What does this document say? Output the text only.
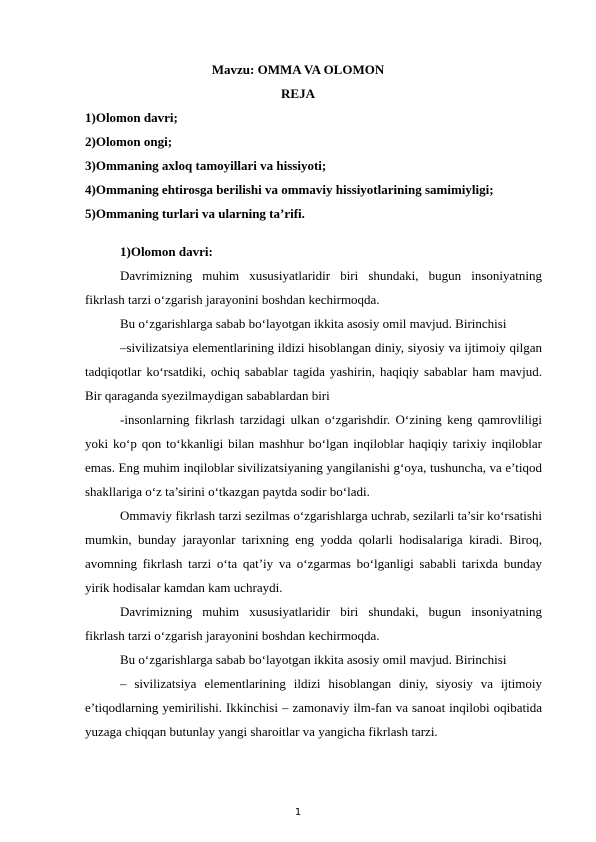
Mavzu: OMMA VA OLOMON
REJA
1)Olomon davri;
2)Olomon ongi;
3)Ommaning axloq tamoyillari va hissiyoti;
4)Ommaning ehtirosga berilishi va ommaviy hissiyotlarining samimiyligi;
5)Ommaning turlari va ularning ta’rifi.

1)Olomon davri:

Davrimizning muhim xususiyatlaridir biri shundaki, bugun insoniyatning fikrlash tarzi o‘zgarish jarayonini boshdan kechirmoqda.

Bu o‘zgarishlarga sabab bo‘layotgan ikkita asosiy omil mavjud. Birinchisi

–sivilizatsiya elementlarining ildizi hisoblangan diniy, siyosiy va ijtimoiy qilgan tadqiqotlar ko‘rsatdiki, ochiq sabablar tagida yashirin, haqiqiy sabablar ham mavjud. Bir qaraganda syezilmaydigan sabablardan biri

-insonlarning fikrlash tarzidagi ulkan o‘zgarishdir. O‘zining keng qamrovliligi yoki ko‘p qon to‘kkanligi bilan mashhur bo‘lgan inqiloblar haqiqiy tarixiy inqiloblar emas. Eng muhim inqiloblar sivilizatsiyaning yangilanishi g‘oya, tushuncha, va e’tiqod shakllariga o‘z ta’sirini o‘tkazgan paytda sodir bo‘ladi.

Ommaviy fikrlash tarzi sezilmas o‘zgarishlarga uchrab, sezilarli ta’sir ko‘rsatishi mumkin, bunday jarayonlar tarixning eng yodda qolarli hodisalariga kiradi. Biroq, avomning fikrlash tarzi o‘ta qat’iy va o‘zgarmas bo‘lganligi sababli tarixda bunday yirik hodisalar kamdan kam uchraydi.

Davrimizning muhim xususiyatlaridir biri shundaki, bugun insoniyatning fikrlash tarzi o‘zgarish jarayonini boshdan kechirmoqda.

Bu o‘zgarishlarga sabab bo‘layotgan ikkita asosiy omil mavjud. Birinchisi

– sivilizatsiya elementlarining ildizi hisoblangan diniy, siyosiy va ijtimoiy e’tiqodlarning yemirilishi. Ikkinchisi – zamonaviy ilm-fan va sanoat inqilobi oqibatida yuzaga chiqqan butunlay yangi sharoitlar va yangicha fikrlash tarzi.

1
